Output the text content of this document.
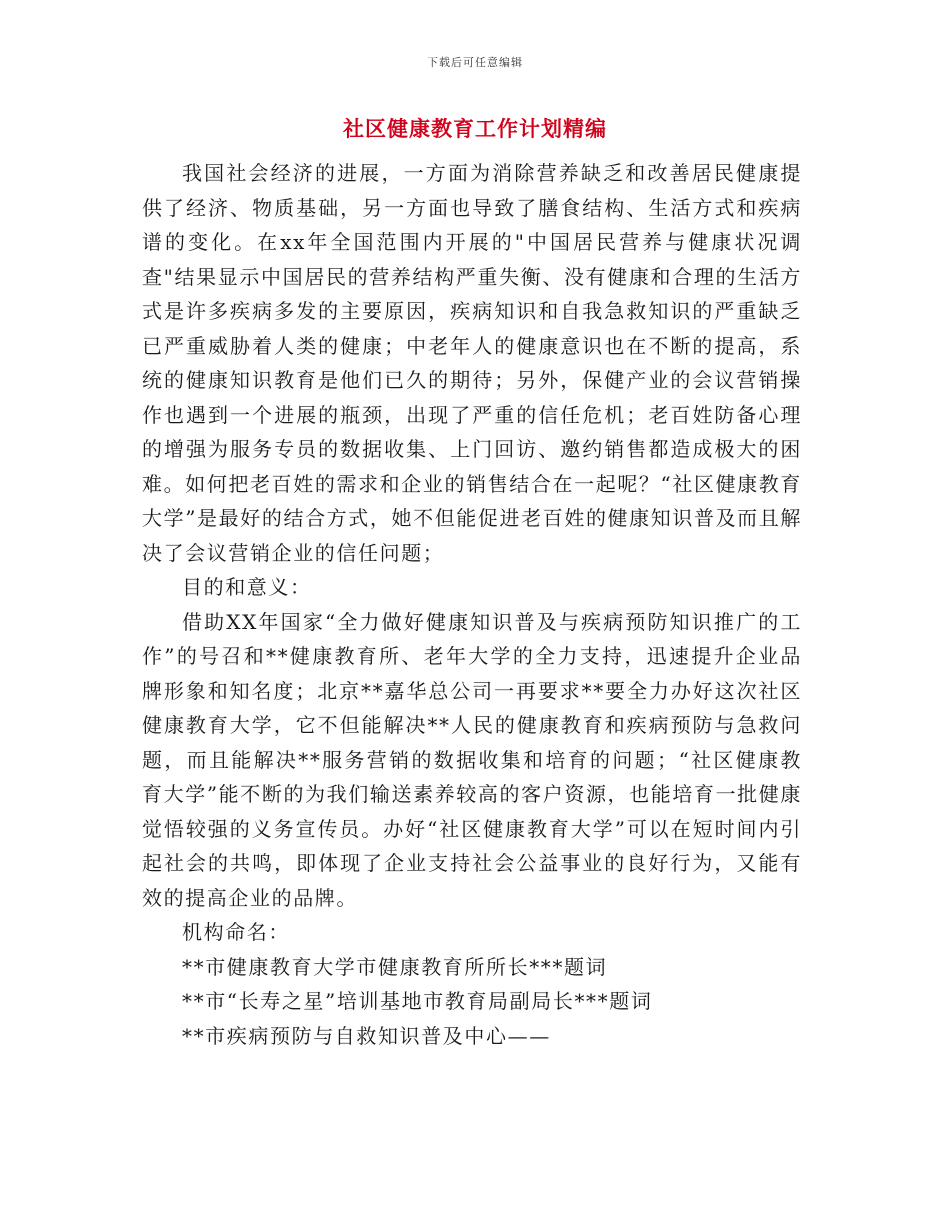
下载后可任意编辑
社区健康教育工作计划精编

我国社会经济的进展，一方面为消除营养缺乏和改善居民健康提供了经济、物质基础，另一方面也导致了膳食结构、生活方式和疾病谱的变化。在xx年全国范围内开展的"中国居民营养与健康状况调查"结果显示中国居民的营养结构严重失衡、没有健康和合理的生活方式是许多疾病多发的主要原因，疾病知识和自我急救知识的严重缺乏已严重威胁着人类的健康；中老年人的健康意识也在不断的提高，系统的健康知识教育是他们已久的期待；另外，保健产业的会议营销操作也遇到一个进展的瓶颈，出现了严重的信任危机；老百姓防备心理的增强为服务专员的数据收集、上门回访、邀约销售都造成极大的困难。如何把老百姓的需求和企业的销售结合在一起呢？“社区健康教育大学”是最好的结合方式，她不但能促进老百姓的健康知识普及而且解决了会议营销企业的信任问题；

目的和意义：

借助XX年国家“全力做好健康知识普及与疾病预防知识推广的工作”的号召和**健康教育所、老年大学的全力支持，迅速提升企业品牌形象和知名度；北京**嘉华总公司一再要求**要全力办好这次社区健康教育大学，它不但能解决**人民的健康教育和疾病预防与急救问题，而且能解决**服务营销的数据收集和培育的问题；“社区健康教育大学”能不断的为我们输送素养较高的客户资源，也能培育一批健康觉悟较强的义务宣传员。办好“社区健康教育大学”可以在短时间内引起社会的共鸣，即体现了企业支持社会公益事业的良好行为，又能有效的提高企业的品牌。

机构命名：

**市健康教育大学市健康教育所所长***题词

**市“长寿之星”培训基地市教育局副局长***题词

**市疾病预防与自救知识普及中心——
